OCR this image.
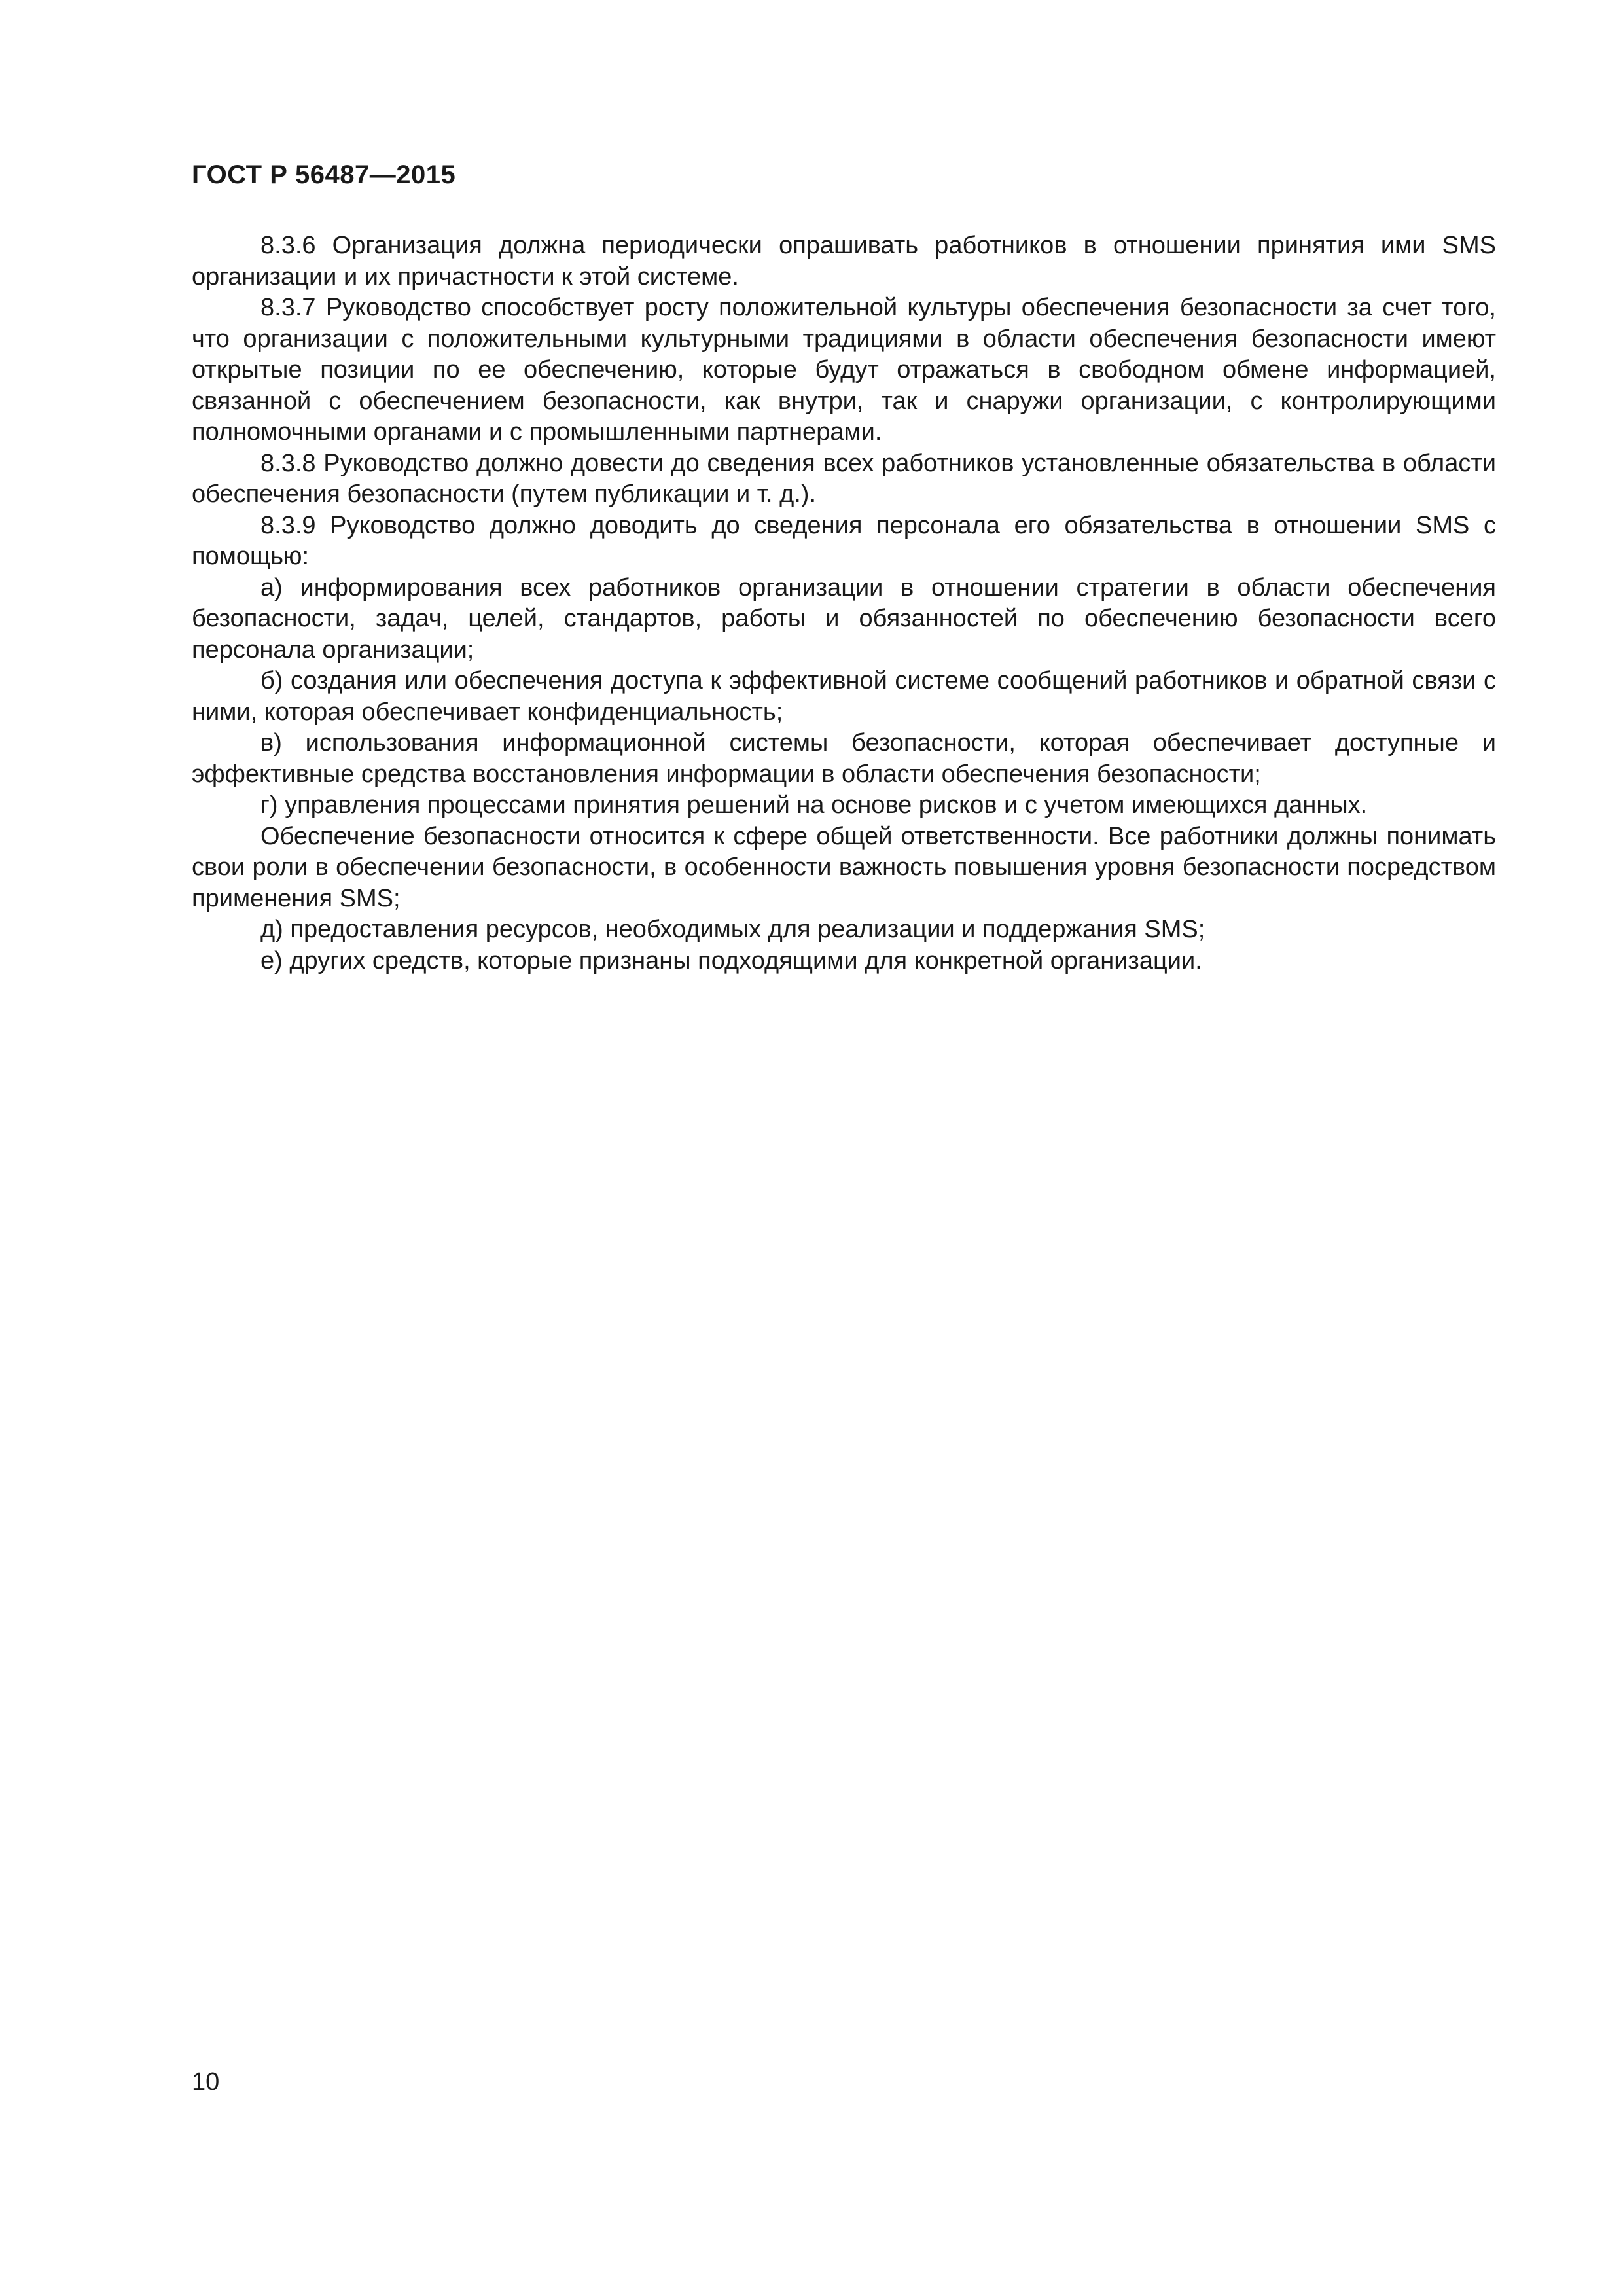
ГОСТ Р 56487—2015

8.3.6 Организация должна периодически опрашивать работников в отношении принятия ими SMS организации и их причастности к этой системе.

8.3.7 Руководство способствует росту положительной культуры обеспечения безопасности за счет того, что организации с положительными культурными традициями в области обеспечения безопасности имеют открытые позиции по ее обеспечению, которые будут отражаться в свободном обмене информацией, связанной с обеспечением безопасности, как внутри, так и снаружи организации, с контролирующими полномочными органами и с промышленными партнерами.

8.3.8 Руководство должно довести до сведения всех работников установленные обязательства в области обеспечения безопасности (путем публикации и т. д.).

8.3.9 Руководство должно доводить до сведения персонала его обязательства в отношении SMS с помощью:

а) информирования всех работников организации в отношении стратегии в области обеспечения безопасности, задач, целей, стандартов, работы и обязанностей по обеспечению безопасности всего персонала организации;

б) создания или обеспечения доступа к эффективной системе сообщений работников и обратной связи с ними, которая обеспечивает конфиденциальность;

в) использования информационной системы безопасности, которая обеспечивает доступные и эффективные средства восстановления информации в области обеспечения безопасности;

г) управления процессами принятия решений на основе рисков и с учетом имеющихся данных.

Обеспечение безопасности относится к сфере общей ответственности. Все работники должны понимать свои роли в обеспечении безопасности, в особенности важность повышения уровня безопасности посредством применения SMS;

д) предоставления ресурсов, необходимых для реализации и поддержания SMS;

е) других средств, которые признаны подходящими для конкретной организации.

10
